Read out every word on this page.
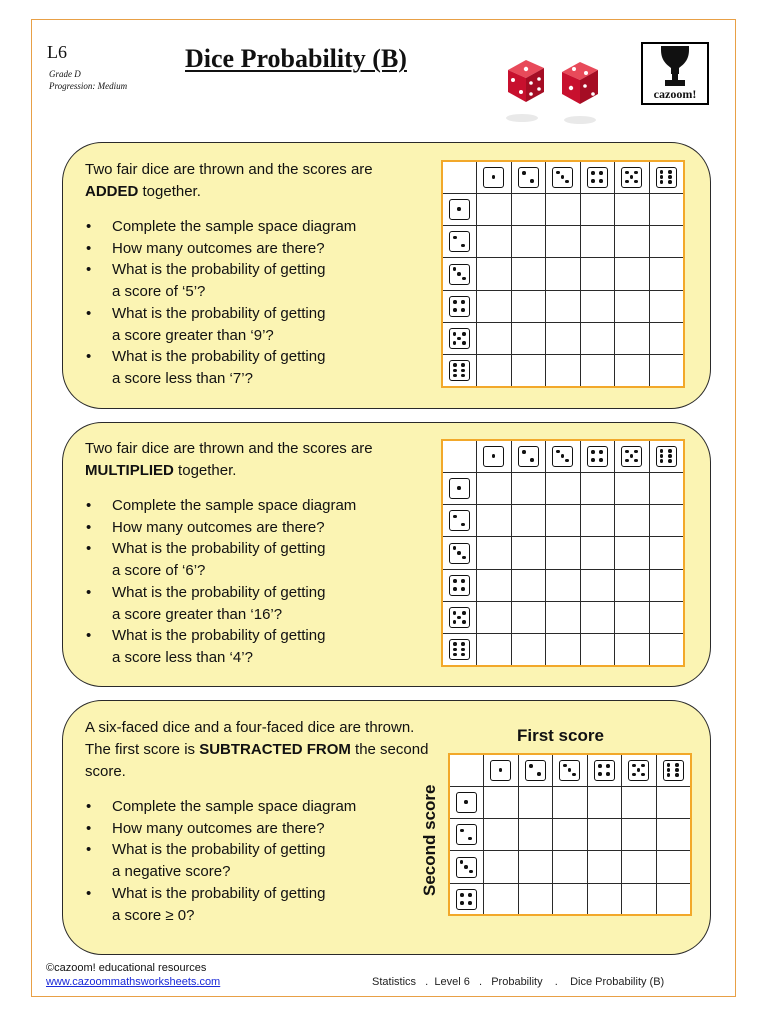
L6
Grade D
Progression: Medium
Dice Probability (B)
cazoom!
Two fair dice are thrown and the scores are ADDED together.
• Complete the sample space diagram
• How many outcomes are there?
• What is the probability of getting
a score of ‘5’?
• What is the probability of getting
a score greater than ‘9’?
• What is the probability of getting
a score less than ‘7’?

Two fair dice are thrown and the scores are MULTIPLIED together.
• Complete the sample space diagram
• How many outcomes are there?
• What is the probability of getting
a score of ‘6’?
• What is the probability of getting
a score greater than ‘16’?
• What is the probability of getting
a score less than ‘4’?

A six-faced dice and a four-faced dice are thrown. The first score is SUBTRACTED FROM the second score.
• Complete the sample space diagram
• How many outcomes are there?
• What is the probability of getting
a negative score?
• What is the probability of getting
a score ≥ 0?
First score
Second score

©cazoom! educational resources
www.cazoommathsworksheets.com	Statistics   .  Level 6   .   Probability    .    Dice Probability (B)
